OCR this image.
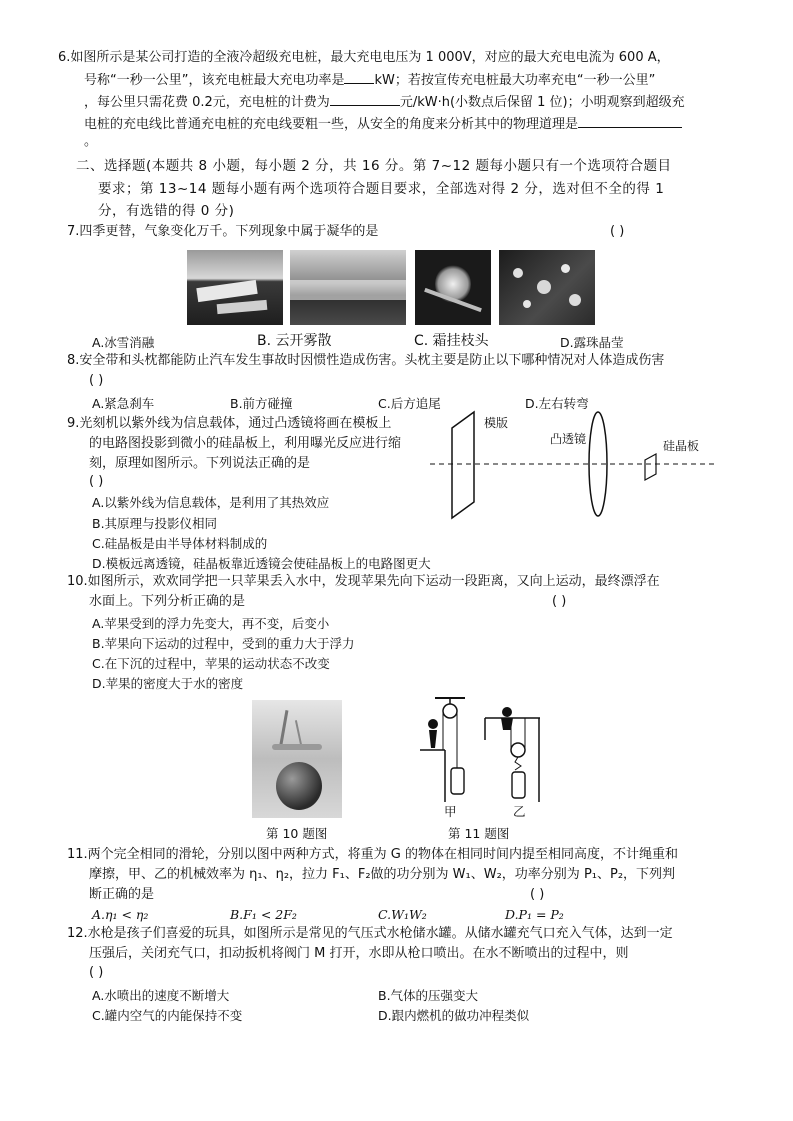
6.如图所示是某公司打造的全液冷超级充电桩，最大充电电压为 1 000V，对应的最大充电电流为 600 A，
号称“一秒一公里”，该充电桩最大充电功率是 kW；若按宣传充电桩最大功率充电“一秒一公里”
，每公里只需花费 0.2元，充电桩的计费为	元/kW·h(小数点后保留 1 位)；小明观察到超级充
电桩的充电线比普通充电桩的充电线要粗一些，从安全的角度来分析其中的物理道理是
。
二、选择题(本题共 8 小题，每小题 2 分，共 16 分。第 7~12 题每小题只有一个选项符合题目
要求；第 13~14 题每小题有两个选项符合题目要求，全部选对得 2 分，选对但不全的得 1
分，有选错的得 0 分)
7.四季更替，气象变化万千。下列现象中属于凝华的是	( )
A.冰雪消融	B. 云开雾散	C. 霜挂枝头	D.露珠晶莹
8.安全带和头枕都能防止汽车发生事故时因惯性造成伤害。头枕主要是防止以下哪种情况对人体造成伤害
( )
A.紧急刹车	B.前方碰撞	C.后方追尾	D.左右转弯
9.光刻机以紫外线为信息载体，通过凸透镜将画在模板上
的电路图投影到微小的硅晶板上，利用曝光反应进行缩
刻，原理如图所示。下列说法正确的是
( )
A.以紫外线为信息载体，是利用了其热效应
B.其原理与投影仪相同
C.硅晶板是由半导体材料制成的
D.模板远离透镜，硅晶板靠近透镜会使硅晶板上的电路图更大
模版
凸透镜	硅晶板
10.如图所示，欢欢同学把一只苹果丢入水中，发现苹果先向下运动一段距离，又向上运动，最终漂浮在
水面上。下列分析正确的是	( )
A.苹果受到的浮力先变大，再不变，后变小
B.苹果向下运动的过程中，受到的重力大于浮力
C.在下沉的过程中，苹果的运动状态不改变
D.苹果的密度大于水的密度
第 10 题图
甲	乙
第 11 题图
11.两个完全相同的滑轮，分别以图中两种方式，将重为 G 的物体在相同时间内提至相同高度，不计绳重和
摩擦，甲、乙的机械效率为 η₁、η₂，拉力 F₁、F₂做的功分别为 W₁、W₂，功率分别为 P₁、P₂，下列判
断正确的是	( )
A.η₁ < η₂	B.F₁ < 2F₂	C.W₁W₂	D.P₁ = P₂
12.水枪是孩子们喜爱的玩具，如图所示是常见的气压式水枪储水罐。从储水罐充气口充入气体，达到一定
压强后，关闭充气口，扣动扳机将阀门 M 打开，水即从枪口喷出。在水不断喷出的过程中，则
( )
A.水喷出的速度不断增大	B.气体的压强变大
C.罐内空气的内能保持不变	D.跟内燃机的做功冲程类似
